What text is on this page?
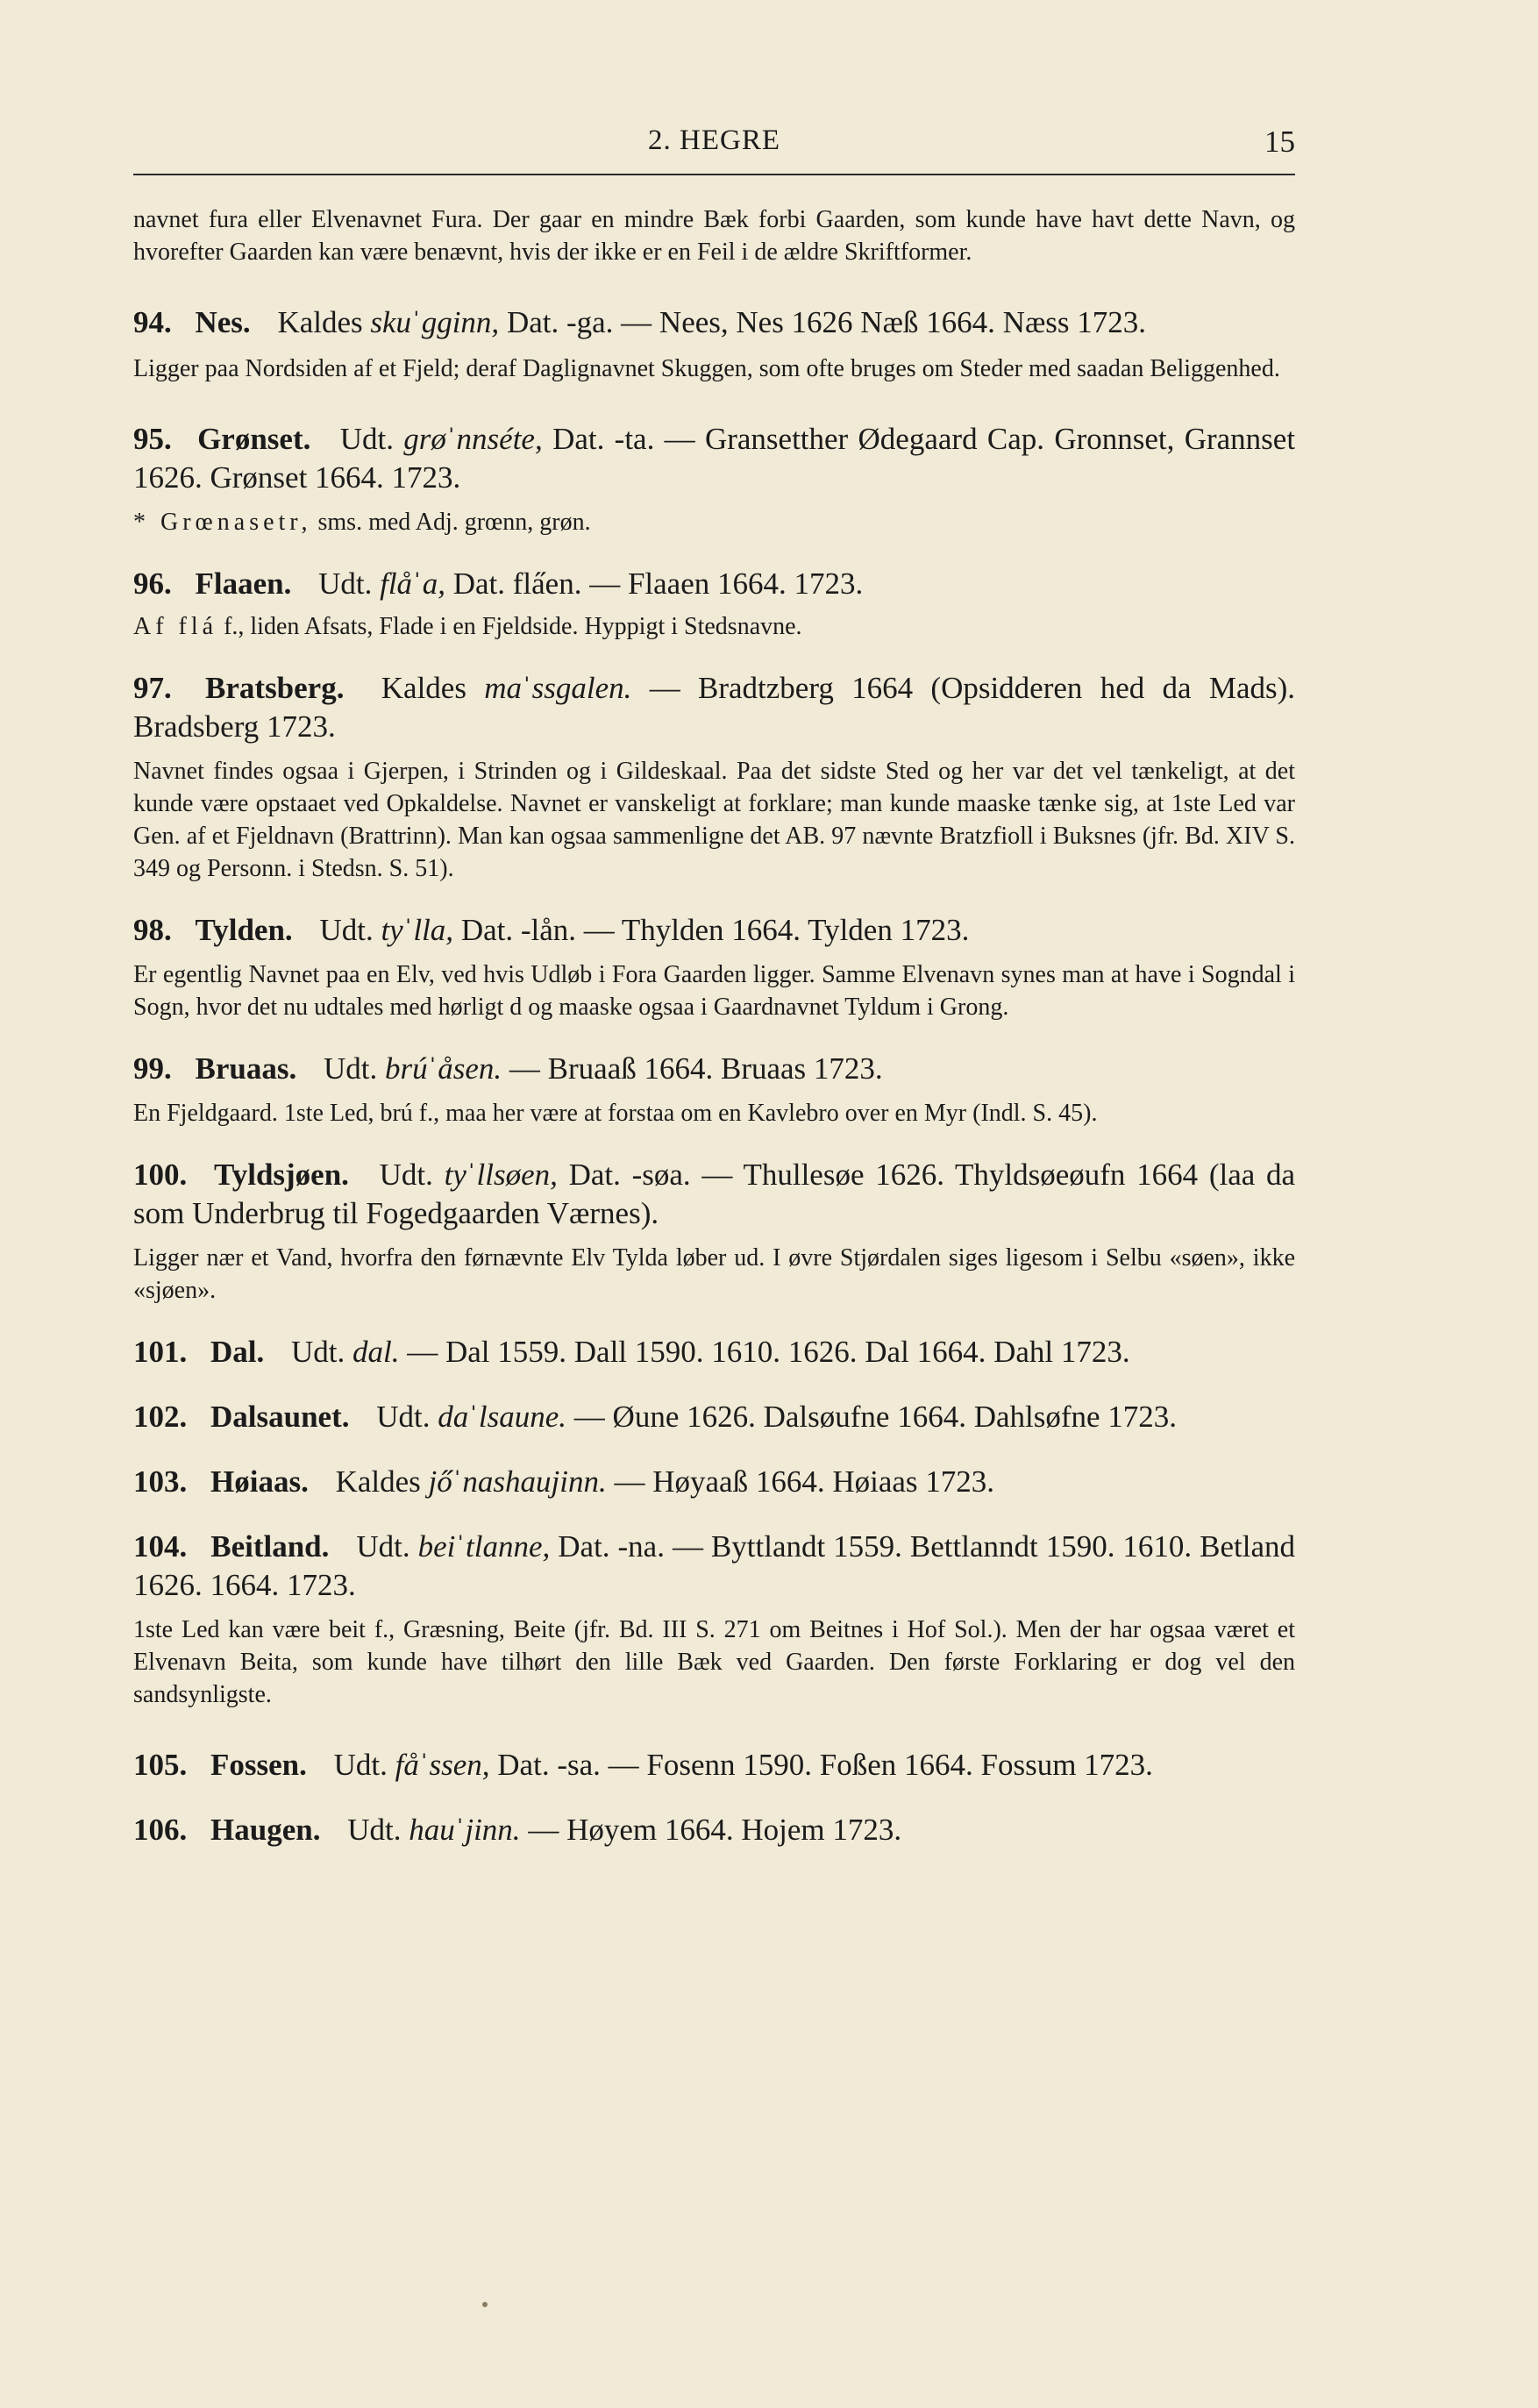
2. HEGRE	15

navnet fura eller Elvenavnet Fura. Der gaar en mindre Bæk forbi Gaarden, som kunde have havt dette Navn, og hvorefter Gaarden kan være benævnt, hvis der ikke er en Feil i de ældre Skriftformer.

94. Nes. Kaldes skuˈgginn, Dat. -ga. — Nees, Nes 1626 Næß 1664. Næss 1723.

Ligger paa Nordsiden af et Fjeld; deraf Daglignavnet Skuggen, som ofte bruges om Steder med saadan Beliggenhed.

95. Grønset. Udt. grøˈnnséte, Dat. -ta. — Gransetther Ødegaard Cap. Gronnset, Grannset 1626. Grønset 1664. 1723.

* Grœnasetr, sms. med Adj. grœnn, grøn.

96. Flaaen. Udt. flåˈa, Dat. fla̋en. — Flaaen 1664. 1723.

Af flá f., liden Afsats, Flade i en Fjeldside. Hyppigt i Stedsnavne.

97. Bratsberg. Kaldes maˈssgalen. — Bradtzberg 1664 (Opsidderen hed da Mads). Bradsberg 1723.

Navnet findes ogsaa i Gjerpen, i Strinden og i Gildeskaal. Paa det sidste Sted og her var det vel tænkeligt, at det kunde være opstaaet ved Opkaldelse. Navnet er vanskeligt at forklare; man kunde maaske tænke sig, at 1ste Led var Gen. af et Fjeldnavn (Brattrinn). Man kan ogsaa sammenligne det AB. 97 nævnte Bratzfioll i Buksnes (jfr. Bd. XIV S. 349 og Personn. i Stedsn. S. 51).

98. Tylden. Udt. tyˈlla, Dat. -lån. — Thylden 1664. Tylden 1723.

Er egentlig Navnet paa en Elv, ved hvis Udløb i Fora Gaarden ligger. Samme Elvenavn synes man at have i Sogndal i Sogn, hvor det nu udtales med hørligt d og maaske ogsaa i Gaardnavnet Tyldum i Grong.

99. Bruaas. Udt. brúˈåsen. — Bruaaß 1664. Bruaas 1723.

En Fjeldgaard. 1ste Led, brú f., maa her være at forstaa om en Kavlebro over en Myr (Indl. S. 45).

100. Tyldsjøen. Udt. tyˈllsøen, Dat. -søa. — Thullesøe 1626. Thyldsøeøufn 1664 (laa da som Underbrug til Fogedgaarden Værnes).

Ligger nær et Vand, hvorfra den førnævnte Elv Tylda løber ud. I øvre Stjørdalen siges ligesom i Selbu «søen», ikke «sjøen».

101. Dal. Udt. dal. — Dal 1559. Dall 1590. 1610. 1626. Dal 1664. Dahl 1723.

102. Dalsaunet. Udt. daˈlsaune. — Øune 1626. Dalsøufne 1664. Dahlsøfne 1723.

103. Høiaas. Kaldes jőˈnashaujinn. — Høyaaß 1664. Høiaas 1723.

104. Beitland. Udt. beiˈtlanne, Dat. -na. — Byttlandt 1559. Bettlanndt 1590. 1610. Betland 1626. 1664. 1723.

1ste Led kan være beit f., Græsning, Beite (jfr. Bd. III S. 271 om Beitnes i Hof Sol.). Men der har ogsaa været et Elvenavn Beita, som kunde have tilhørt den lille Bæk ved Gaarden. Den første Forklaring er dog vel den sandsynligste.

105. Fossen. Udt. fåˈssen, Dat. -sa. — Fosenn 1590. Foßen 1664. Fossum 1723.

106. Haugen. Udt. hauˈjinn. — Høyem 1664. Hojem 1723.
